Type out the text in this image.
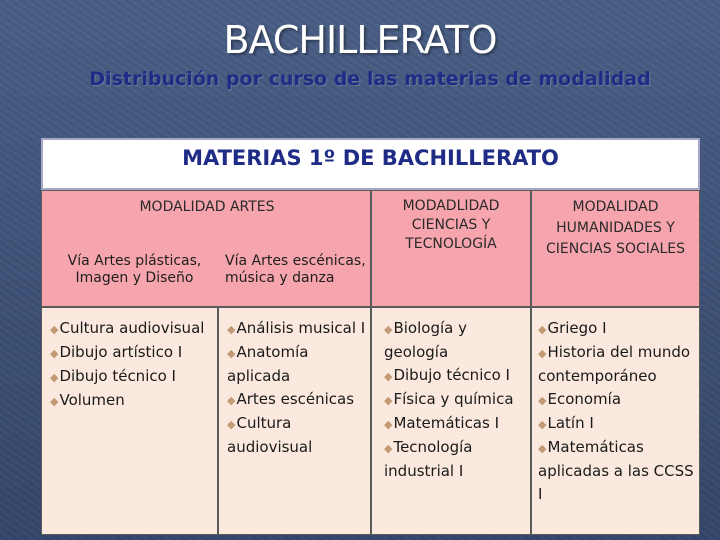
BACHILLERATO
Distribución por curso de las materias de modalidad
MATERIAS 1º DE BACHILLERATO
MODALIDAD ARTES
Vía Artes plásticas, Imagen y Diseño
Vía Artes escénicas, música y danza
MODADLIDAD CIENCIAS Y TECNOLOGÍA
MODALIDAD HUMANIDADES Y CIENCIAS SOCIALES
◆Cultura audiovisual
◆Dibujo artístico I
◆Dibujo técnico I
◆Volumen
◆Análisis musical I
◆Anatomía aplicada
◆Artes escénicas
◆Cultura audiovisual
◆Biología y geología
◆Dibujo técnico I
◆Física y química
◆Matemáticas I
◆Tecnología industrial I
◆Griego I
◆Historia del mundo contemporáneo
◆Economía
◆Latín I
◆Matemáticas aplicadas a las CCSS I
